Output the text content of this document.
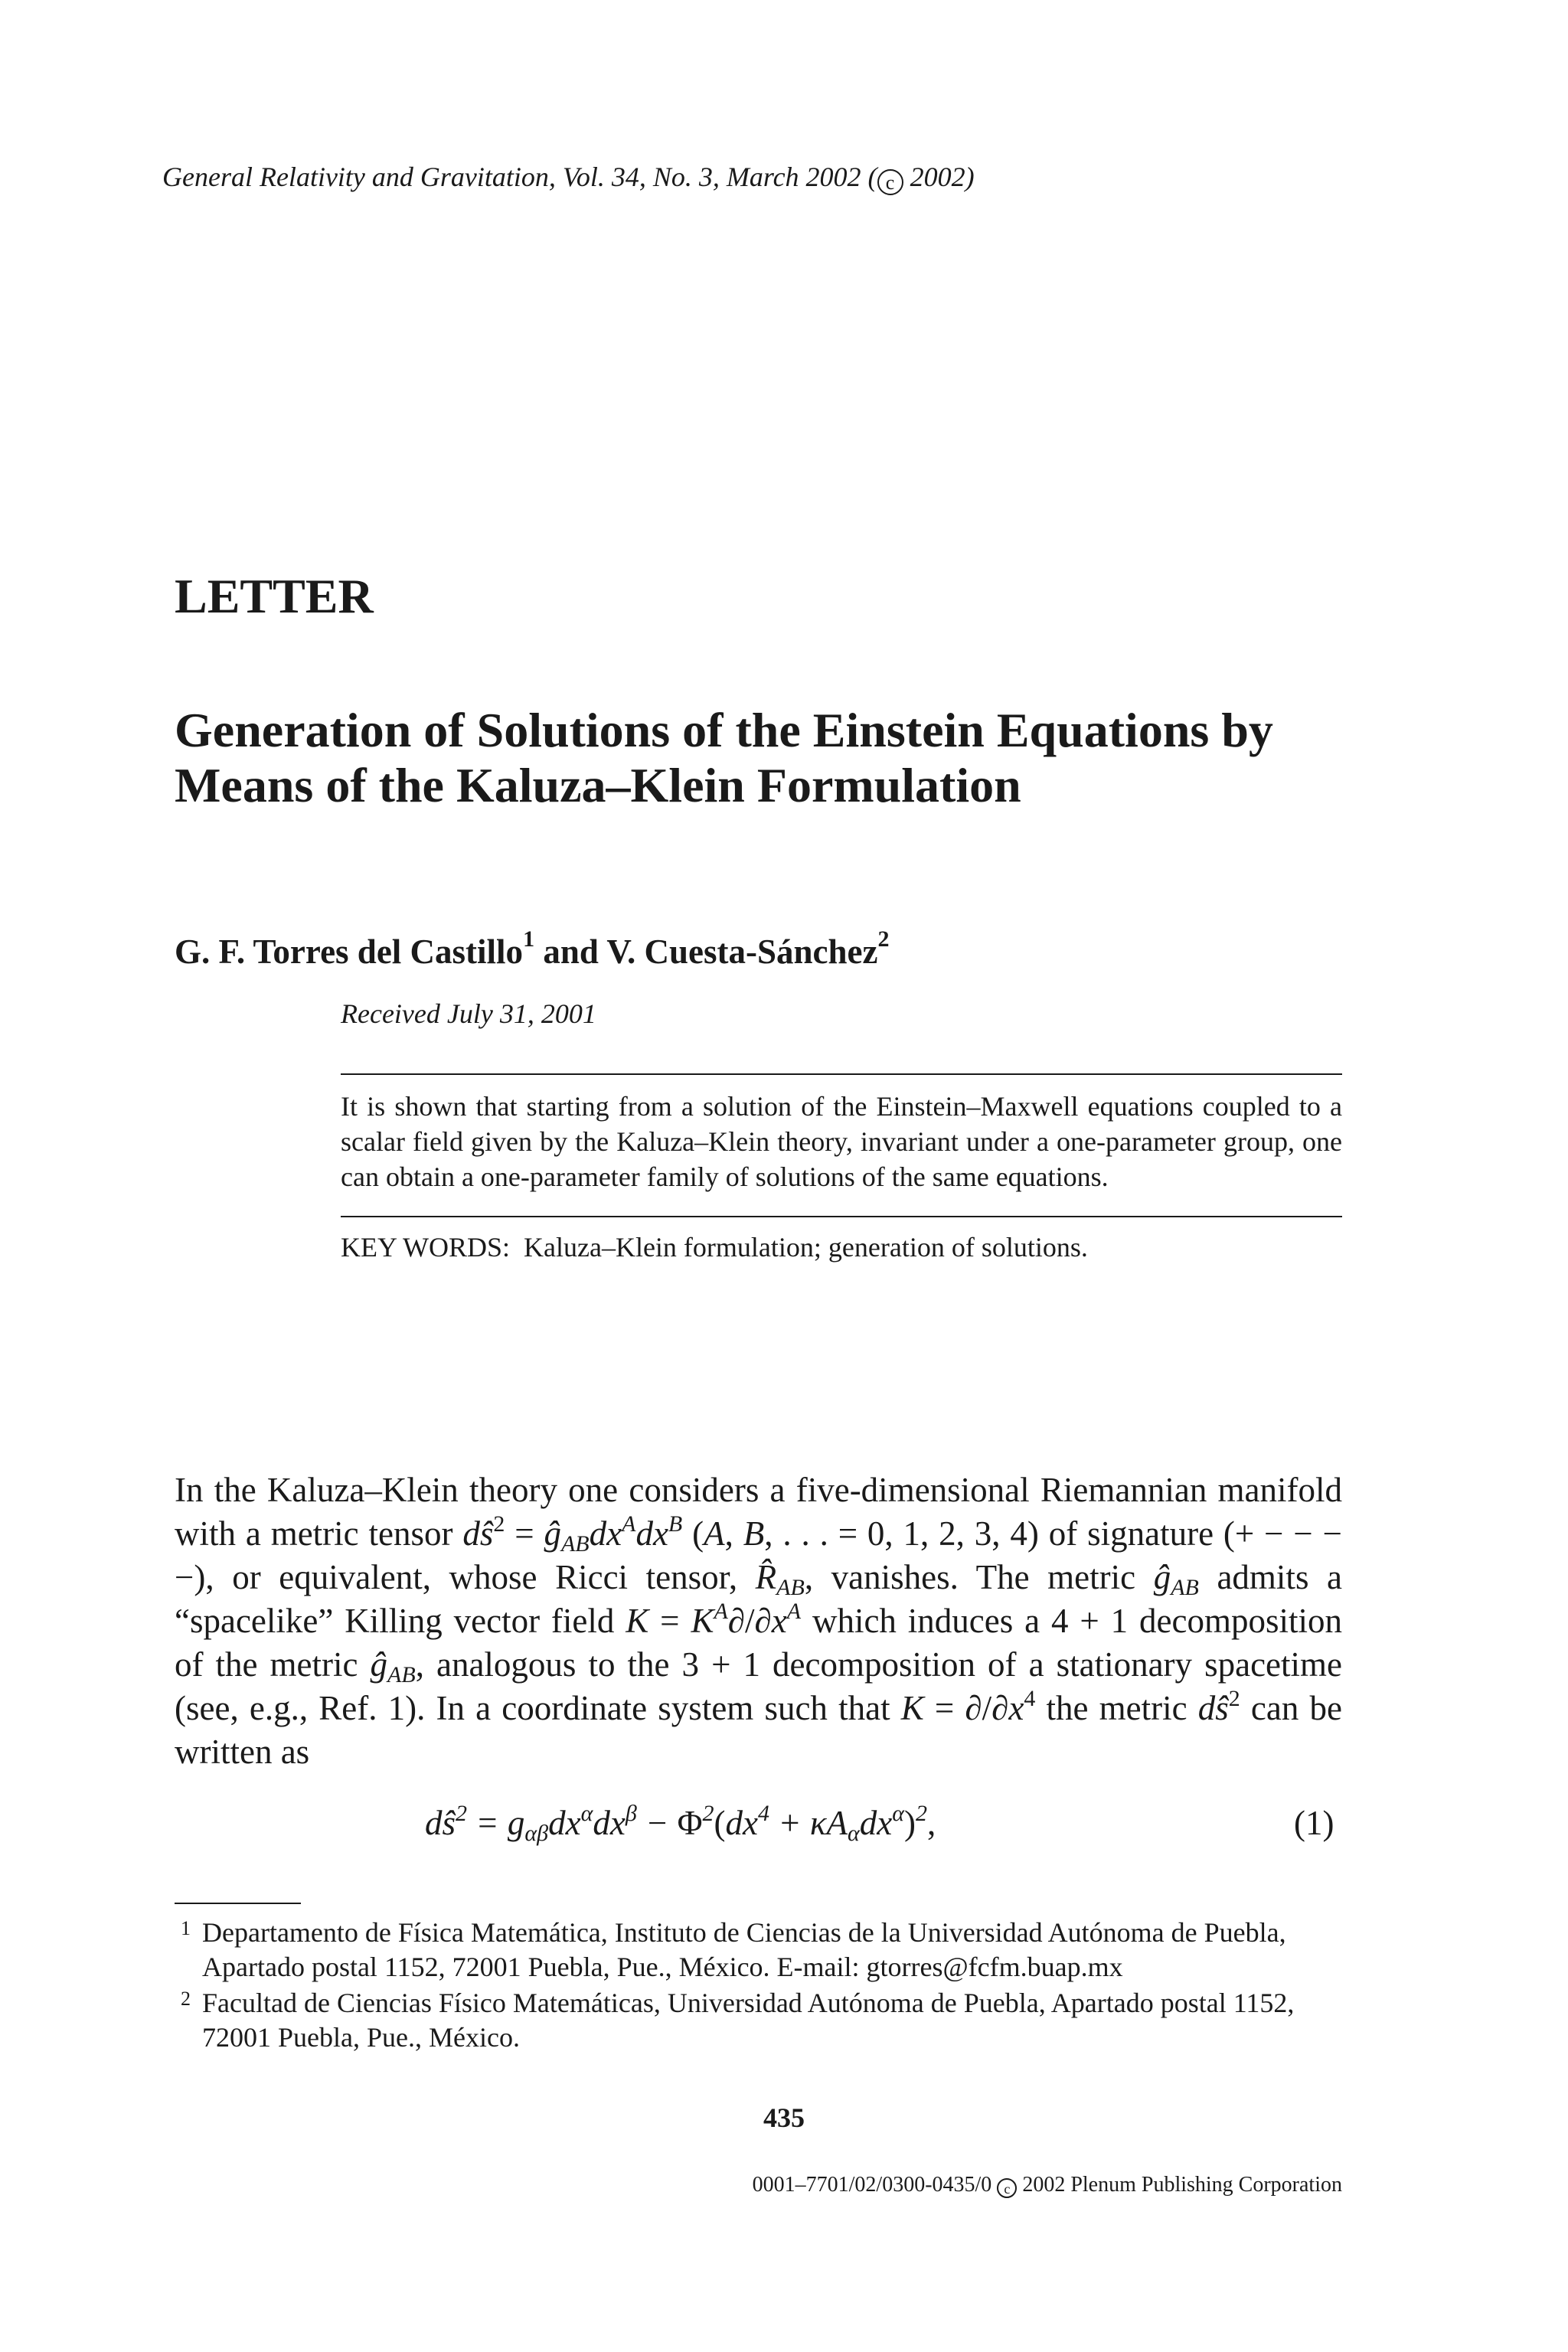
General Relativity and Gravitation, Vol. 34, No. 3, March 2002 ( c 2002)
LETTER
Generation of Solutions of the Einstein Equations by Means of the Kaluza–Klein Formulation
G. F. Torres del Castillo$^1$ and V. Cuesta-Sánchez$^2$
Received July 31, 2001
It is shown that starting from a solution of the Einstein–Maxwell equations coupled to a scalar field given by the Kaluza–Klein theory, invariant under a one-parameter group, one can obtain a one-parameter family of solutions of the same equations.
KEY WORDS: Kaluza–Klein formulation; generation of solutions.
In the Kaluza–Klein theory one considers a five-dimensional Riemannian manifold with a metric tensor $dŝ^2$ = $ĝ_{AB}dx^Adx^B$ (A, B, . . . = 0, 1, 2, 3, 4) of signature (+ − − − −), or equivalent, whose Ricci tensor, $R̂_{AB}$, vanishes. The metric $ĝ_{AB}$ admits a “spacelike” Killing vector field $K = K^A\partial/\partial x^A$ which induces a 4 + 1 decomposition of the metric $ĝ_{AB}$, analogous to the 3 + 1 decomposition of a stationary spacetime (see, e.g., Ref. 1). In a coordinate system such that $K = \partial/\partial x^4$ the metric $dŝ^2$ can be written as
$dŝ^2 = g_{\alpha\beta}dx^\alpha dx^\beta - \Phi^2(dx^4 + \kappa A_\alpha dx^\alpha)^2$,	(1)
1 Departamento de Física Matemática, Instituto de Ciencias de la Universidad Autónoma de Puebla, Apartado postal 1152, 72001 Puebla, Pue., México. E-mail: gtorres@fcfm.buap.mx
2 Facultad de Ciencias Físico Matemáticas, Universidad Autónoma de Puebla, Apartado postal 1152, 72001 Puebla, Pue., México.
435
0001–7701/02/0300-0435/0 c 2002 Plenum Publishing Corporation
